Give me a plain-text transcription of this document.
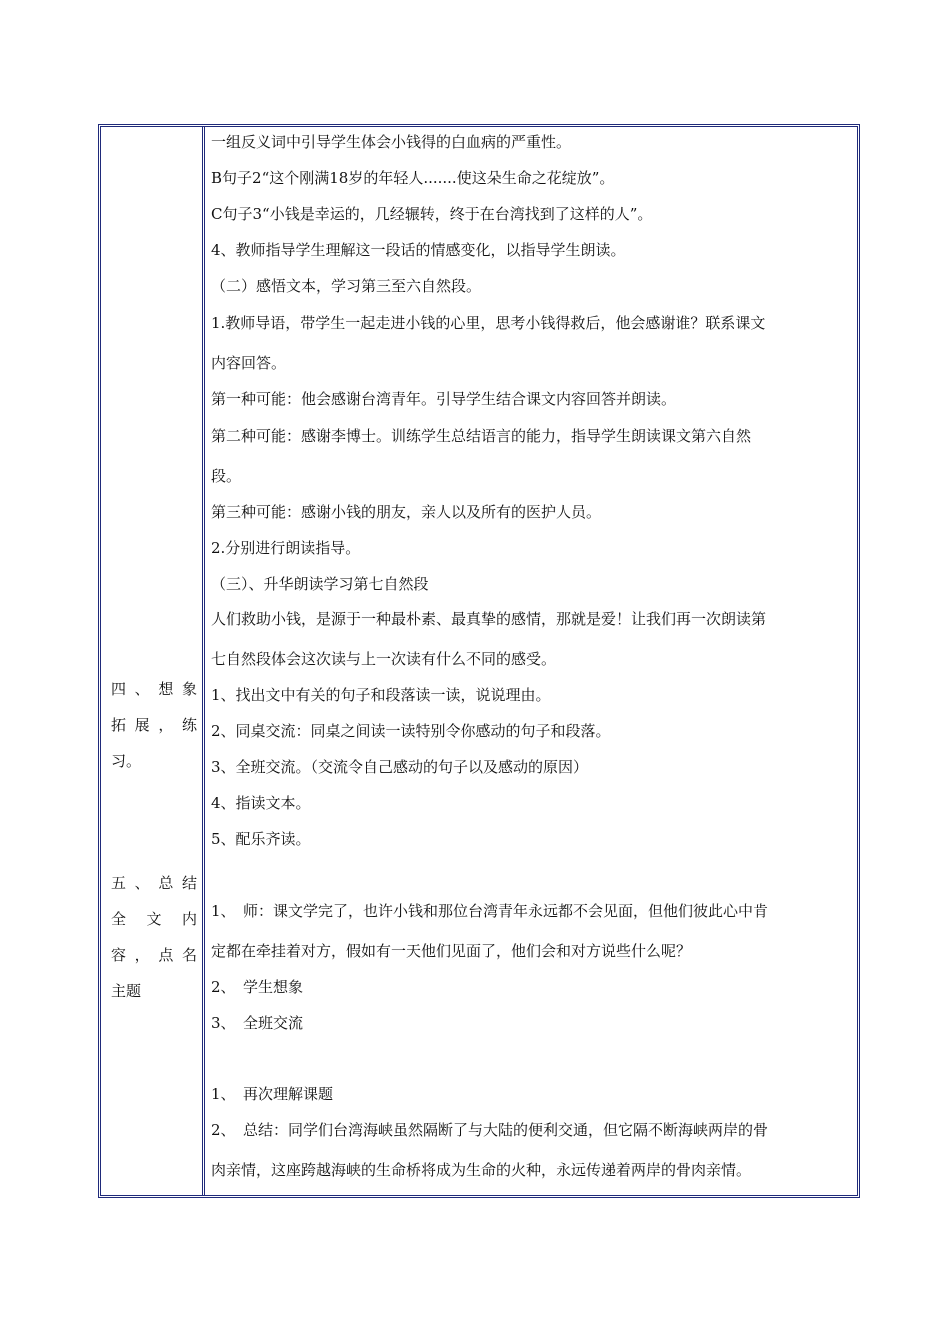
四 、 想 象
拓 展 ， 练
习。
五 、 总 结
全 文 内
容 ， 点 名
主题
一组反义词中引导学生体会小钱得的白血病的严重性。
B句子2“这个刚满18岁的年轻人.......使这朵生命之花绽放”。
C句子3“小钱是幸运的，几经辗转，终于在台湾找到了这样的人”。
4、教师指导学生理解这一段话的情感变化，以指导学生朗读。
（二）感悟文本，学习第三至六自然段。
1.教师导语，带学生一起走进小钱的心里，思考小钱得救后，他会感谢谁？联系课文
内容回答。
第一种可能：他会感谢台湾青年。引导学生结合课文内容回答并朗读。
第二种可能：感谢李博士。训练学生总结语言的能力，指导学生朗读课文第六自然
段。
第三种可能：感谢小钱的朋友，亲人以及所有的医护人员。
2.分别进行朗读指导。
（三）、升华朗读学习第七自然段
人们救助小钱，是源于一种最朴素、最真挚的感情，那就是爱！让我们再一次朗读第
七自然段体会这次读与上一次读有什么不同的感受。
1、找出文中有关的句子和段落读一读，说说理由。
2、同桌交流：同桌之间读一读特别令你感动的句子和段落。
3、全班交流。（交流令自己感动的句子以及感动的原因）
4、指读文本。
5、配乐齐读。
1、　师：课文学完了，也许小钱和那位台湾青年永远都不会见面，但他们彼此心中肯
定都在牵挂着对方，假如有一天他们见面了，他们会和对方说些什么呢？
2、　学生想象
3、　全班交流
1、　再次理解课题
2、　总结：同学们台湾海峡虽然隔断了与大陆的便利交通，但它隔不断海峡两岸的骨
肉亲情，这座跨越海峡的生命桥将成为生命的火种，永远传递着两岸的骨肉亲情。
